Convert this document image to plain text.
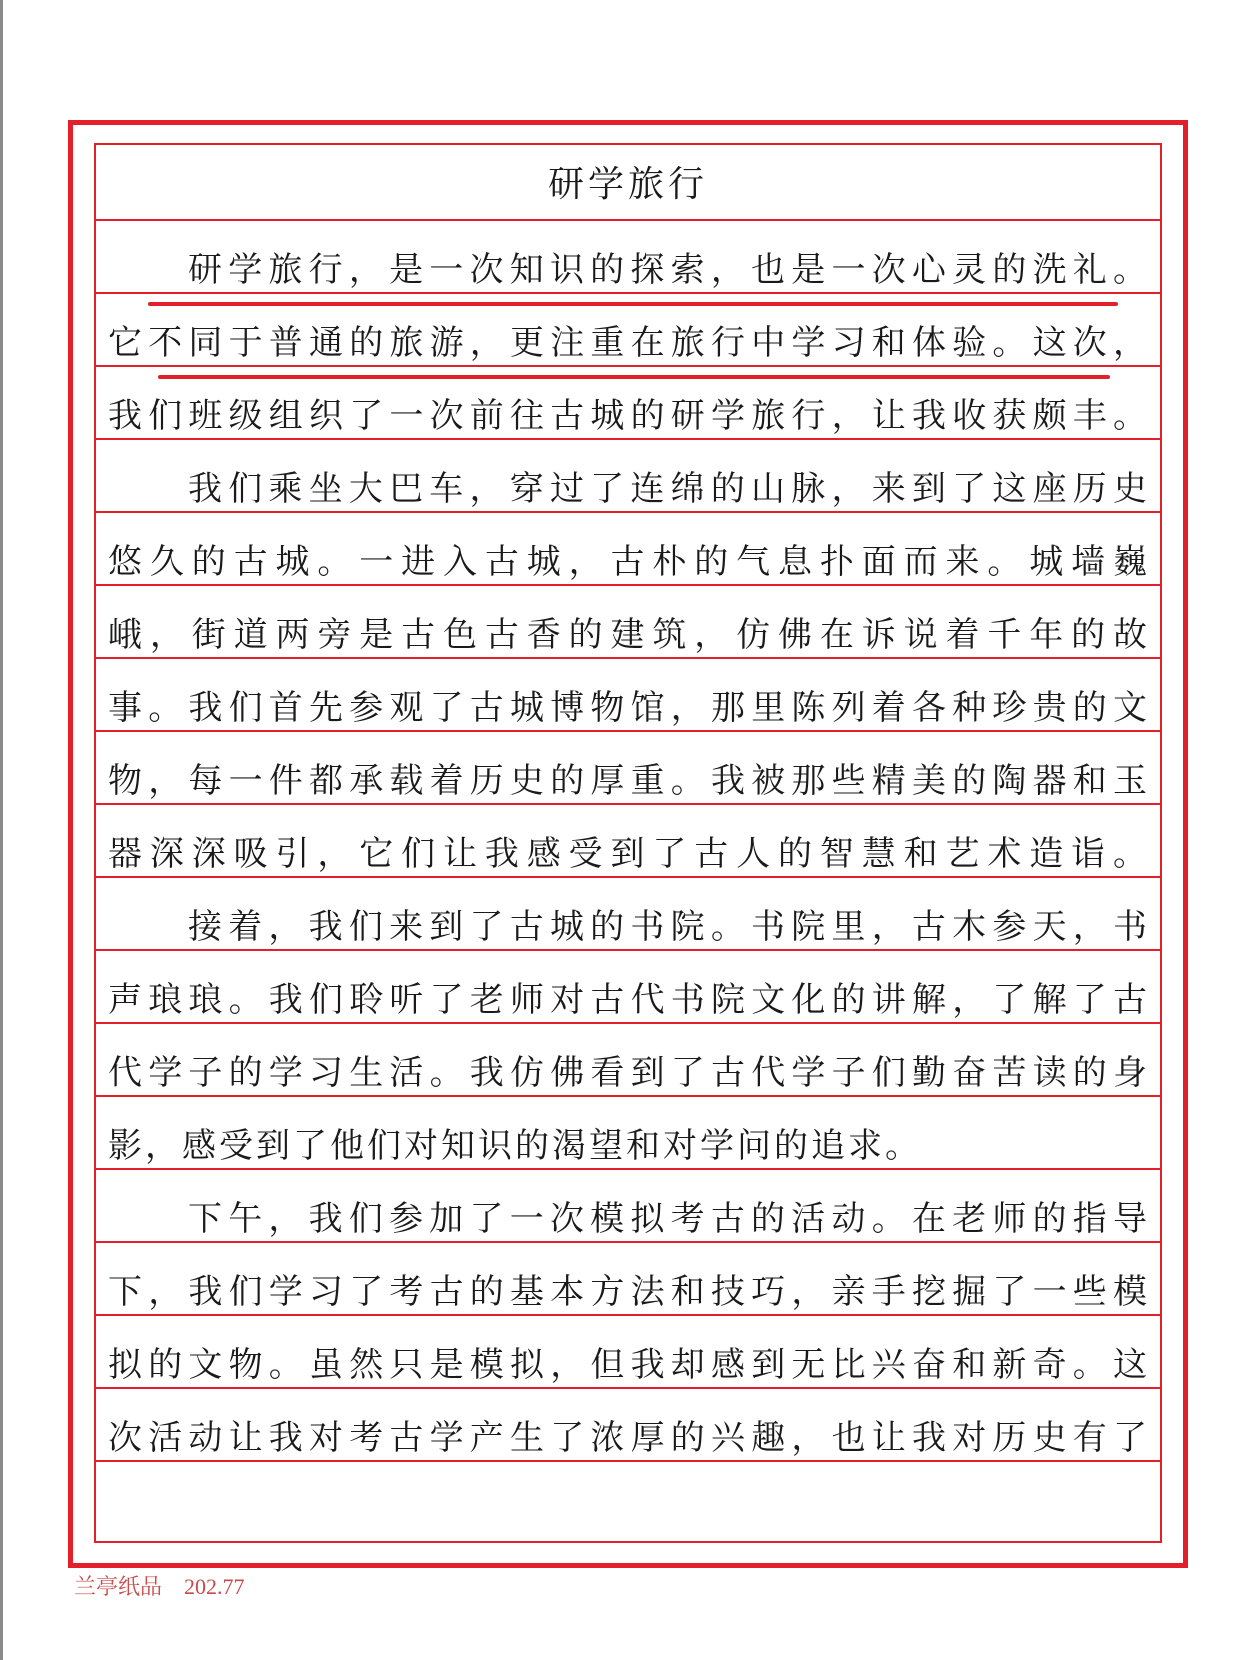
研学旅行
研学旅行，是一次知识的探索，也是一次心灵的洗礼。
它不同于普通的旅游，更注重在旅行中学习和体验。这次，
我们班级组织了一次前往古城的研学旅行，让我收获颇丰。
我们乘坐大巴车，穿过了连绵的山脉，来到了这座历史
悠久的古城。一进入古城，古朴的气息扑面而来。城墙巍
峨，街道两旁是古色古香的建筑，仿佛在诉说着千年的故
事。我们首先参观了古城博物馆，那里陈列着各种珍贵的文
物，每一件都承载着历史的厚重。我被那些精美的陶器和玉
器深深吸引，它们让我感受到了古人的智慧和艺术造诣。
接着，我们来到了古城的书院。书院里，古木参天，书
声琅琅。我们聆听了老师对古代书院文化的讲解，了解了古
代学子的学习生活。我仿佛看到了古代学子们勤奋苦读的身
影，感受到了他们对知识的渴望和对学问的追求。
下午，我们参加了一次模拟考古的活动。在老师的指导
下，我们学习了考古的基本方法和技巧，亲手挖掘了一些模
拟的文物。虽然只是模拟，但我却感到无比兴奋和新奇。这
次活动让我对考古学产生了浓厚的兴趣，也让我对历史有了
兰亭纸品 202.77
